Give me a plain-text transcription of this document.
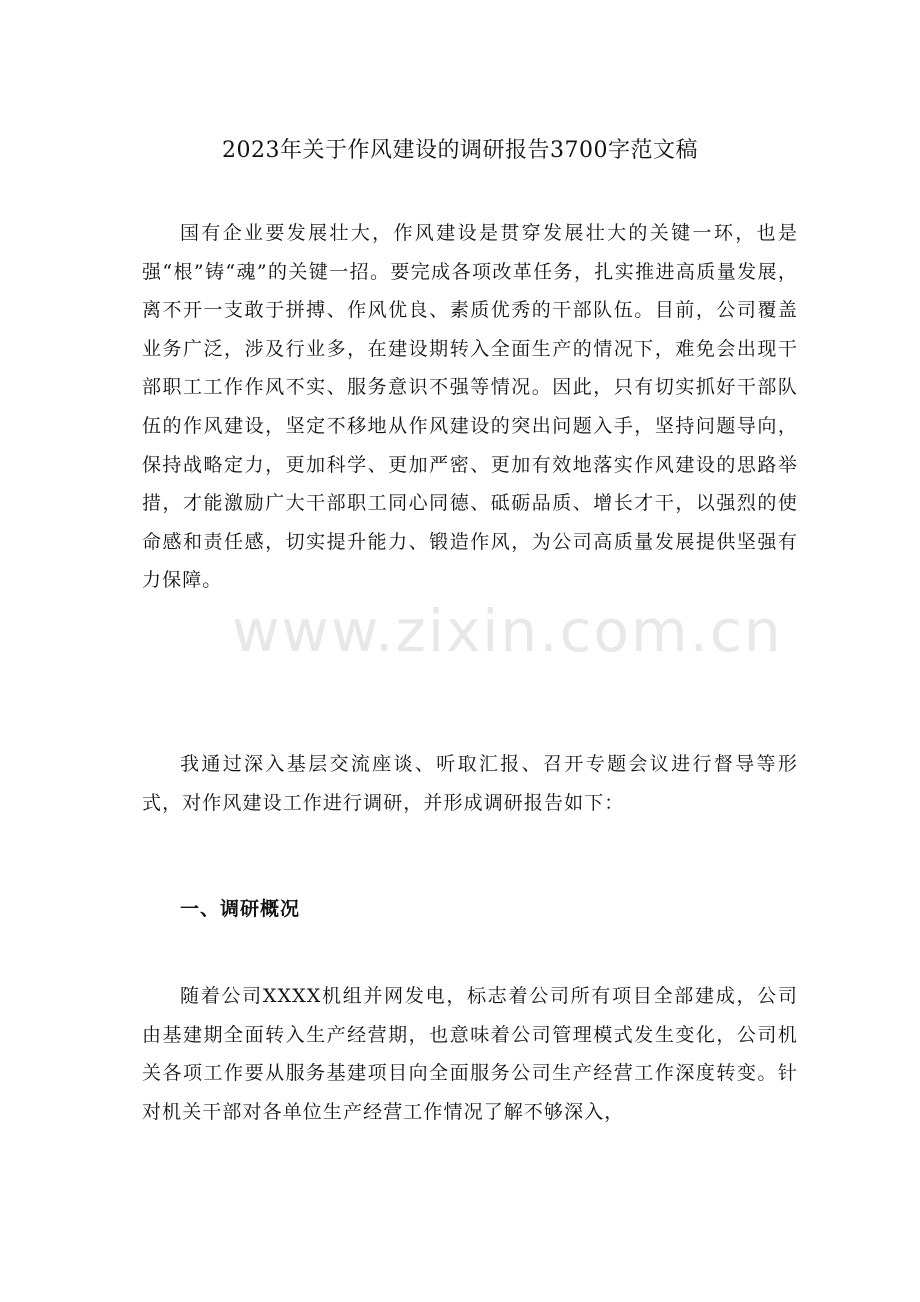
2023年关于作风建设的调研报告3700字范文稿

国有企业要发展壮大，作风建设是贯穿发展壮大的关键一环，也是强“根”铸“魂”的关键一招。要完成各项改革任务，扎实推进高质量发展，离不开一支敢于拼搏、作风优良、素质优秀的干部队伍。目前，公司覆盖业务广泛，涉及行业多，在建设期转入全面生产的情况下，难免会出现干部职工工作作风不实、服务意识不强等情况。因此，只有切实抓好干部队伍的作风建设，坚定不移地从作风建设的突出问题入手，坚持问题导向，保持战略定力，更加科学、更加严密、更加有效地落实作风建设的思路举措，才能激励广大干部职工同心同德、砥砺品质、增长才干，以强烈的使命感和责任感，切实提升能力、锻造作风，为公司高质量发展提供坚强有力保障。

我通过深入基层交流座谈、听取汇报、召开专题会议进行督导等形式，对作风建设工作进行调研，并形成调研报告如下：

一、调研概况

随着公司XXXX机组并网发电，标志着公司所有项目全部建成，公司由基建期全面转入生产经营期，也意味着公司管理模式发生变化，公司机关各项工作要从服务基建项目向全面服务公司生产经营工作深度转变。针对机关干部对各单位生产经营工作情况了解不够深入，

www.zixin.com.cn
